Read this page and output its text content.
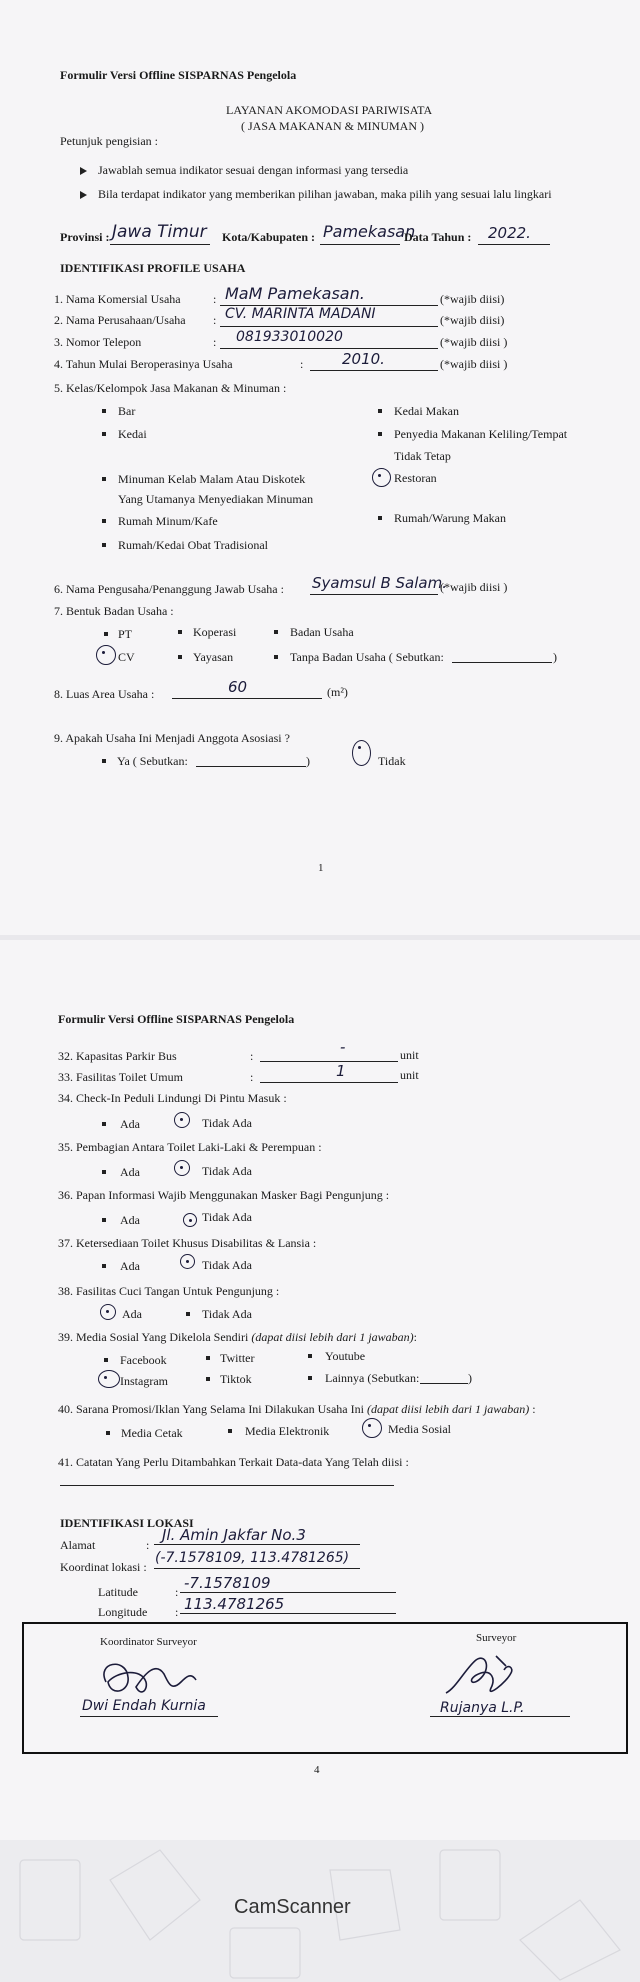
Formulir Versi Offline SISPARNAS Pengelola
LAYANAN AKOMODASI PARIWISATA
( JASA MAKANAN & MINUMAN )
Petunjuk pengisian :
Jawablah semua indikator sesuai dengan informasi yang tersedia
Bila terdapat indikator yang memberikan pilihan jawaban, maka pilih yang sesuai lalu lingkari
Provinsi : Jawa Timur Kota/Kabupaten : Pamekasan
Data Tahun : 2022.
IDENTIFIKASI PROFILE USAHA
1. Nama Komersial Usaha	: MaM Pamekasan.	(*wajib diisi)
2. Nama Perusahaan/Usaha : CV. MARINTA MADANI	(*wajib diisi)
3. Nomor Telepon	: 081933010020	(*wajib diisi )
4. Tahun Mulai Beroperasinya Usaha	:	2010.	(*wajib diisi )
5. Kelas/Kelompok Jasa Makanan & Minuman :
Bar
Kedai
Minuman Kelab Malam Atau Diskotek
Yang Utamanya Menyediakan Minuman
Rumah Minum/Kafe
Rumah/Kedai Obat Tradisional
Kedai Makan
Penyedia Makanan Keliling/Tempat
Tidak Tetap
Restoran
Rumah/Warung Makan
6. Nama Pengusaha/Penanggung Jawab Usaha : Syamsul B Salam.
(*wajib diisi )
7. Bentuk Badan Usaha :
PT	Koperasi	Badan Usaha
CV	Yayasan	Tanpa Badan Usaha ( Sebutkan:	)
8. Luas Area Usaha :	60	(m²)
9. Apakah Usaha Ini Menjadi Anggota Asosiasi ?
Ya ( Sebutkan:	)	Tidak
1
Formulir Versi Offline SISPARNAS Pengelola
32. Kapasitas Parkir Bus	:	-	unit
33. Fasilitas Toilet Umum	:	1	unit
34. Check-In Peduli Lindungi Di Pintu Masuk :
Ada	Tidak Ada
35. Pembagian Antara Toilet Laki-Laki & Perempuan :
Ada	Tidak Ada
36. Papan Informasi Wajib Menggunakan Masker Bagi Pengunjung :
Ada	Tidak Ada
37. Ketersediaan Toilet Khusus Disabilitas & Lansia :
Ada	Tidak Ada
38. Fasilitas Cuci Tangan Untuk Pengunjung :
Ada	Tidak Ada
39. Media Sosial Yang Dikelola Sendiri (dapat diisi lebih dari 1 jawaban):
Facebook	Twitter	Youtube
Instagram	Tiktok	Lainnya (Sebutkan:	)
40. Sarana Promosi/Iklan Yang Selama Ini Dilakukan Usaha Ini (dapat diisi lebih dari 1 jawaban) :
Media Cetak	Media Elektronik	Media Sosial
41. Catatan Yang Perlu Ditambahkan Terkait Data-data Yang Telah diisi :
IDENTIFIKASI LOKASI
Alamat	:
Jl. Amin Jakfar No.3
Koordinat lokasi :
(-7.1578109, 113.4781265)
Latitude	: -7.1578109
Longitude : 113.4781265
Koordinator Surveyor
Dwi Endah Kurnia
Surveyor
Rujanya L.P.
4
CamScanner
